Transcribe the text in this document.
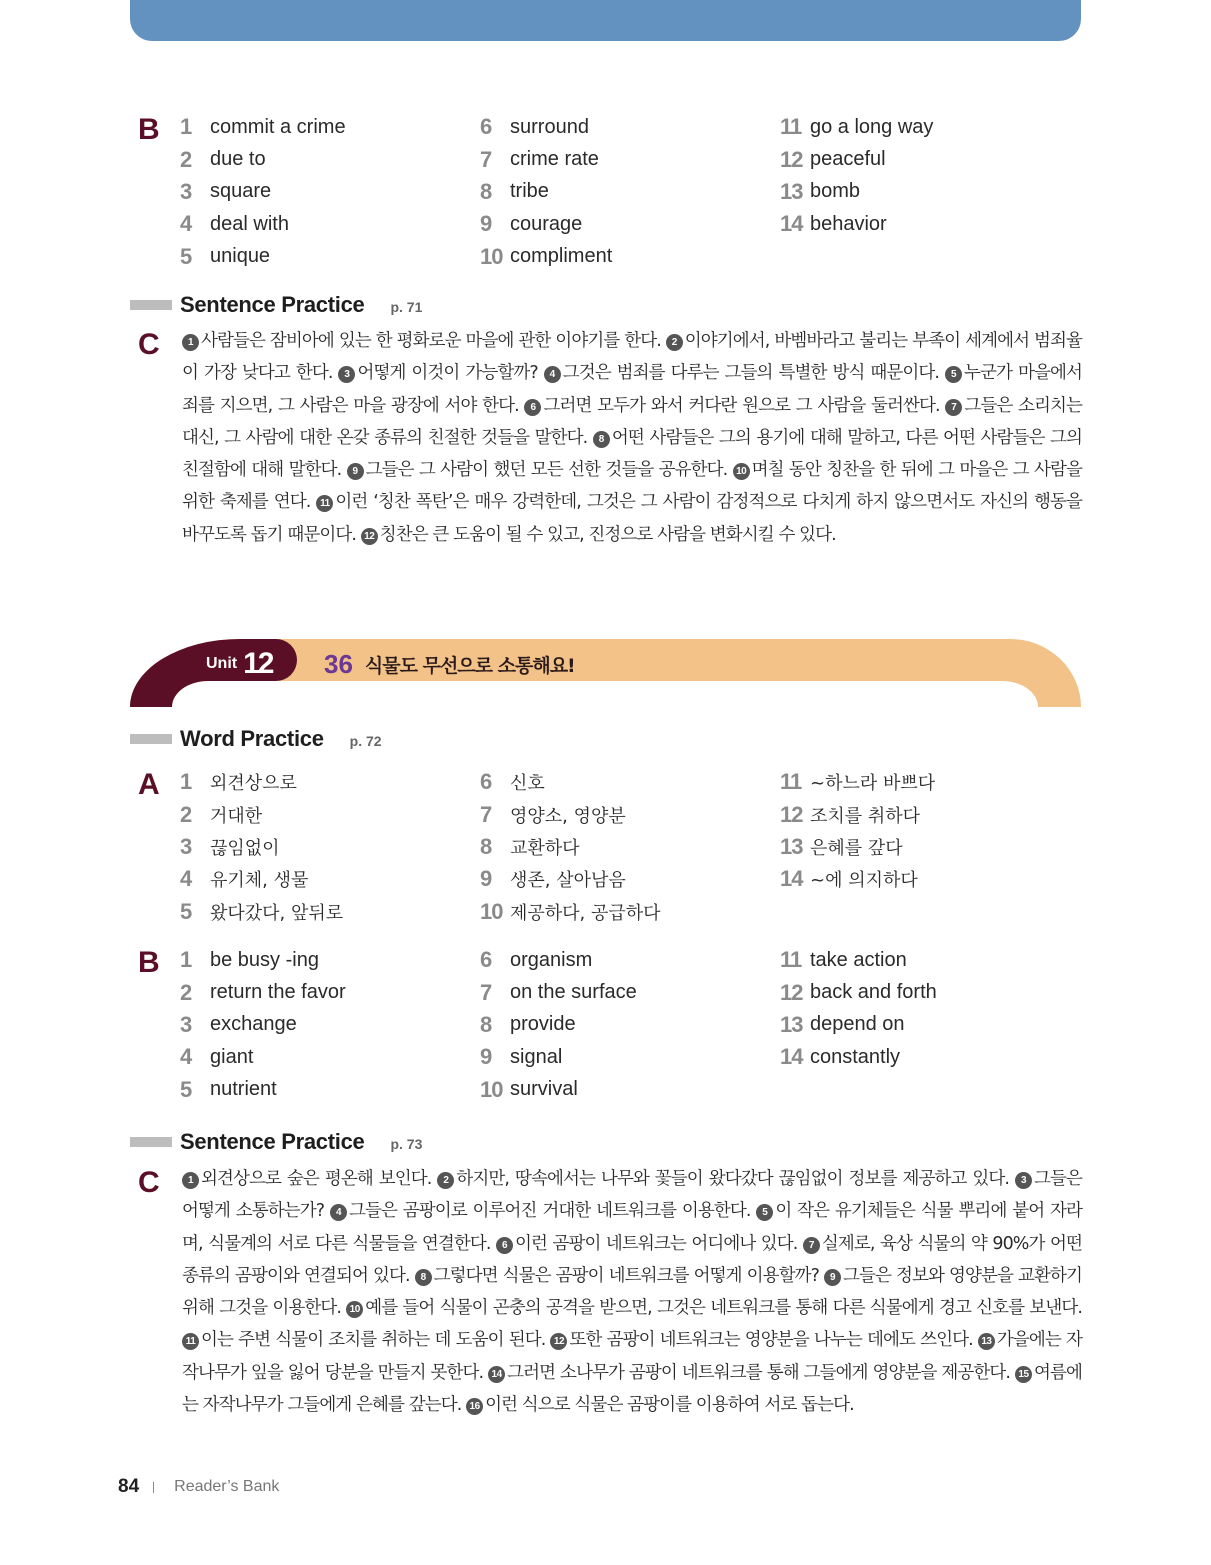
B 1 commit a crime
2 due to
3 square
4 deal with
5 unique
6 surround
7 crime rate
8 tribe
9 courage
10 compliment
11 go a long way
12 peaceful
13 bomb
14 behavior
Sentence Practice p. 71
C	1 사람들은 잠비아에 있는 한 평화로운 마을에 관한 이야기를 한다. 2 이야기에서, 바벰바라고 불리는 부족이 세계에서 범죄율이 가장 낮다고 한다. 3 어떻게 이것이 가능할까? 4 그것은 범죄를 다루는 그들의 특별한 방식 때문이다. 5 누군가 마을에서 죄를 지으면, 그 사람은 마을 광장에 서야 한다. 6 그러면 모두가 와서 커다란 원으로 그 사람을 둘러싼다. 7 그들은 소리치는 대신, 그 사람에 대한 온갖 종류의 친절한 것들을 말한다. 8 어떤 사람들은 그의 용기에 대해 말하고, 다른 어떤 사람들은 그의 친절함에 대해 말한다. 9 그들은 그 사람이 했던 모든 선한 것들을 공유한다. 10 며칠 동안 칭찬을 한 뒤에 그 마을은 그 사람을 위한 축제를 연다. 11 이런 ‘칭찬 폭탄’은 매우 강력한데, 그것은 그 사람이 감정적으로 다치게 하지 않으면서도 자신의 행동을 바꾸도록 돕기 때문이다. 12 칭찬은 큰 도움이 될 수 있고, 진정으로 사람을 변화시킬 수 있다.
Unit 12 36 식물도 무선으로 소통해요!
Word Practice p. 72
A 1	외견상으로
2	거대한
3	끊임없이
4	유기체, 생물
5	왔다갔다, 앞뒤로
6	신호
7	영양소, 영양분
8	교환하다
9	생존, 살아남음
10 제공하다, 공급하다
11 ~하느라 바쁘다
12 조치를 취하다
13 은혜를 갚다
14 ~에 의지하다
B 1 be busy -ing
2 return the favor
3 exchange
4 giant
5 nutrient
6 organism
7 on the surface
8 provide
9 signal
10 survival
11 take action
12 back and forth
13 depend on
14 constantly
Sentence Practice p. 73
C	1 외견상으로 숲은 평온해 보인다. 2 하지만, 땅속에서는 나무와 꽃들이 왔다갔다 끊임없이 정보를 제공하고 있다. 3 그들은 어떻게 소통하는가? 4 그들은 곰팡이로 이루어진 거대한 네트워크를 이용한다. 5 이 작은 유기체들은 식물 뿌리에 붙어 자라며, 식물계의 서로 다른 식물들을 연결한다. 6 이런 곰팡이 네트워크는 어디에나 있다. 7 실제로, 육상 식물의 약 90%가 어떤 종류의 곰팡이와 연결되어 있다. 8 그렇다면 식물은 곰팡이 네트워크를 어떻게 이용할까? 9 그들은 정보와 영양분을 교환하기 위해 그것을 이용한다. 10 예를 들어 식물이 곤충의 공격을 받으면, 그것은 네트워크를 통해 다른 식물에게 경고 신호를 보낸다. 11 이는 주변 식물이 조치를 취하는 데 도움이 된다. 12 또한 곰팡이 네트워크는 영양분을 나누는 데에도 쓰인다. 13 가을에는 자작나무가 잎을 잃어 당분을 만들지 못한다. 14 그러면 소나무가 곰팡이 네트워크를 통해 그들에게 영양분을 제공한다. 15 여름에는 자작나무가 그들에게 은혜를 갚는다. 16 이런 식으로 식물은 곰팡이를 이용하여 서로 돕는다.
84 Reader’s Bank
